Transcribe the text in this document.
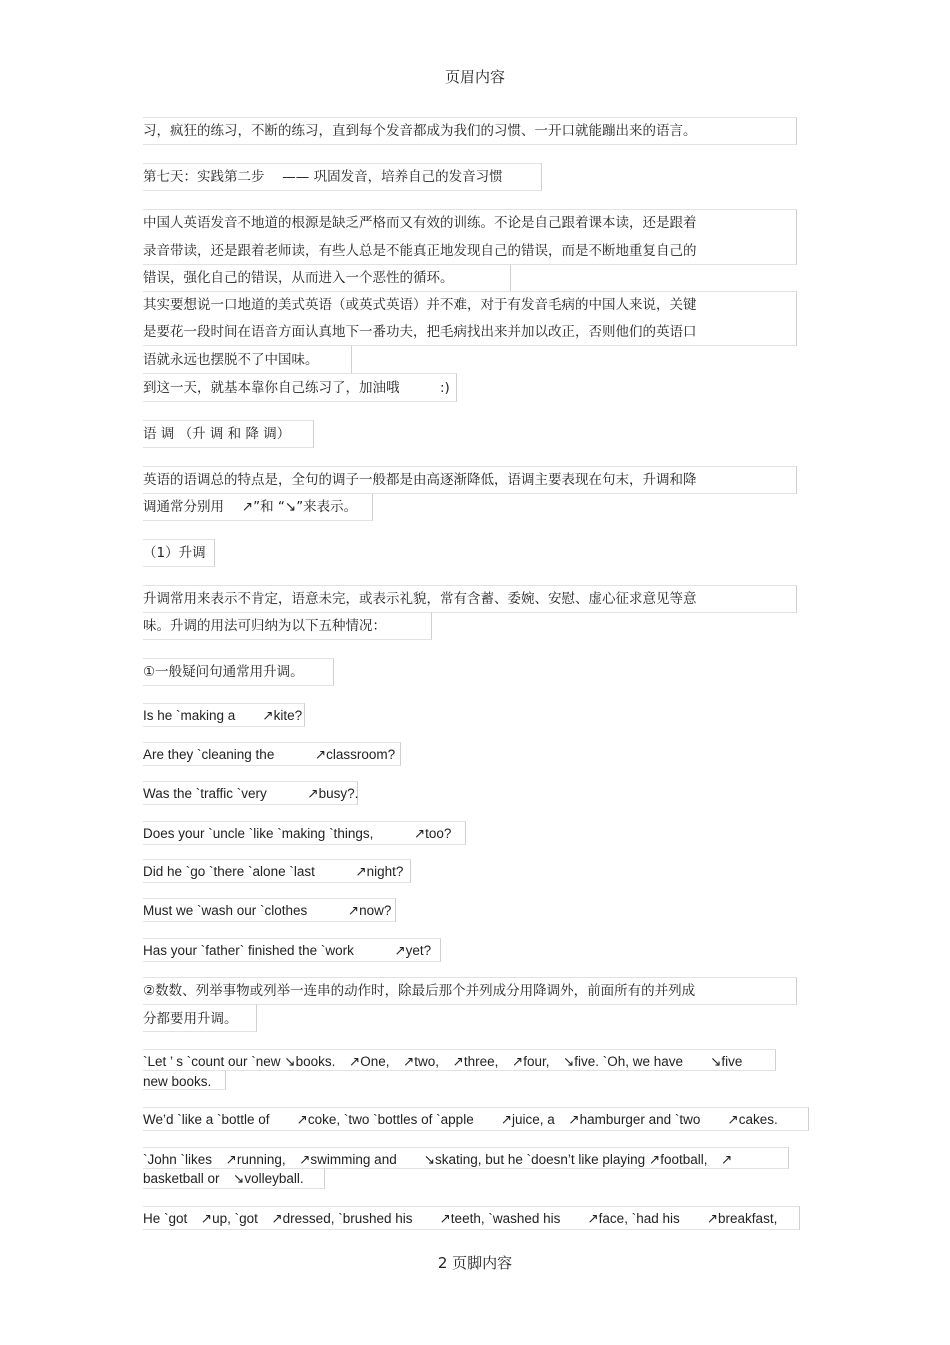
页眉内容
习，疯狂的练习，不断的练习，直到每个发音都成为我们的习惯、一开口就能蹦出来的语言。
第七天：实践第二步　 —— 巩固发音，培养自己的发音习惯
中国人英语发音不地道的根源是缺乏严格而又有效的训练。不论是自己跟着课本读，还是跟着
录音带读，还是跟着老师读，有些人总是不能真正地发现自己的错误，而是不断地重复自己的
错误，强化自己的错误，从而进入一个恶性的循环。
其实要想说一口地道的美式英语（或英式英语）并不难，对于有发音毛病的中国人来说，关键
是要花一段时间在语音方面认真地下一番功夫，把毛病找出来并加以改正，否则他们的英语口
语就永远也摆脱不了中国味。
到这一天，就基本靠你自己练习了，加油哦　　　:)
语 调 （升 调 和 降 调）
英语的语调总的特点是，全句的调子一般都是由高逐渐降低，语调主要表现在句末，升调和降
调通常分别用　 ↗”和 “↘”来表示。
（1）升调
升调常用来表示不肯定，语意未完，或表示礼貌，常有含蓄、委婉、安慰、虚心征求意见等意
味。升调的用法可归纳为以下五种情况：
①一般疑问句通常用升调。
Is he `making a　　↗kite?
Are they `cleaning the　　　↗classroom?
Was the `traffic `very　　　↗busy?.
Does your `uncle `like `making `things,　　　↗too?
Did he `go `there `alone `last　　　↗night?
Must we `wash our `clothes　　　↗now?
Has your `father` finished the `work　　　↗yet?
②数数、列举事物或列举一连串的动作时，除最后那个并列成分用降调外，前面所有的并列成
分都要用升调。
`Let ’ s `count our `new ↘books.　↗One,　↗two,　↗three,　↗four,　↘five. `Oh, we have　　↘five
new books.
We’d `like a `bottle of　　↗coke, `two `bottles of `apple　　↗juice, a　↗hamburger and `two　　↗cakes.
`John `likes　↗running,　↗swimming and　　↘skating, but he `doesn’t like playing ↗football,　↗
basketball or　↘volleyball.
He `got　↗up, `got　↗dressed, `brushed his　　↗teeth, `washed his　　↗face, `had his　　↗breakfast,
2 页脚内容
